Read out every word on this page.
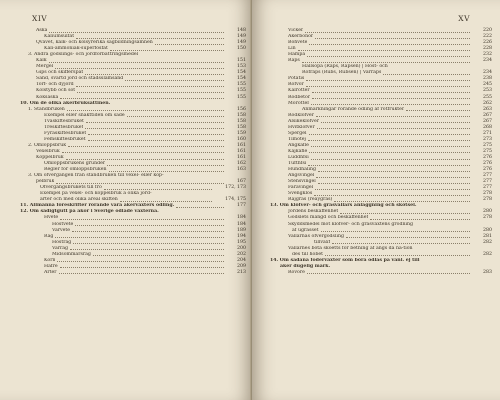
XIV
Aska	148
Kaliumsulfat	149
Qvävet, kalk- och kolsyrerika sågbildningsämnen	149
Kali-ammoniak-superfosfat	150
3. Andra gödslings- och jordförbättringsmedel
Kalk	151
Mergel	153
Gips och skifferspat	154
Sand, svartd jord och stadsslamsand	154
Torf- och dyjord	155
Kolstybb och sot	155
Koksaska	155
10. Om de olika åkerbruksattinen.
1. Ständbruken	156
Exempel eller snakttiden om såde	158
Tvåskiftesbruket	158
Treskiftesbruket	158
Fyraskiftesbruket	159
Femskiftesbruket	160
2. Omloppsbruk	161
Vexelbruk	161
Koppelbruk	161
Omloppsbrukens grunder	162
Regler för omloppsbruken	163
3. Om öfvergången från ständbruken till vexel- eller kop-
pelbruk	167
Öfvergångsbrukets till fro	172, 173
Exempel på vexel- och koppelbruk å olika jord-
arter och med olika areal skiften	174, 175
11. Allmänna föreskrifter rörande våra åkerväxters odling.	177
12. Om sädigtgutt på åkor i Sverige odlade växterna.
Hvete	184
Höstvete	184
Vårvete	189
Råg	194
Höstråg	195
Vårråg	200
Midsommarsråg	202
Korn	204
Hafre	209
Ärter	213
XV
Vicker	220
Åkerbönor	222
Bohvete	226
Lin	228
Hampa	232
Raps	234
Hällsopa (Raps, Rapsen) | Höst- och
Rofraps (Rübs, Rübsen) | Vårraps	234
Potatis	238
Rofvor	245
Kålrötter	253
Rödbetor	255
Morötter	262
Anmärkningar rörande odling af rotfrukter	263
Rödklöfver	267
Alsikeklöfver	267
Hvitklöfver	268
Spergel	271
Timotej	273
Ängkafle	275
Kajkafle	275
Luddhfsi	276
Tufthfsi	276
Hundhäling	276
Ängsvingel	277
Stensvingel	277
Fåravingel	277
Svengklos	278
Rajgräs (reaygräs)	278
13. Om klöfver- och gräsvallars anläggning och skötsel.
Jordens beskaffenhet	280
Gödslets mängd och beskaffenhet	278
Skyddsmedel mot klöfver- och gräsväxtens grödning
af ugrasset	280
Vallarnas öfvergödsling	281
tillväxt	282
Vallarnes böta skoetts för betning af ängs da na-tion
des till höbet	282
14. Om sådana foderväxter som böra odlas på vanl. ej till
åker dugelig mark.
Rovöre	283
